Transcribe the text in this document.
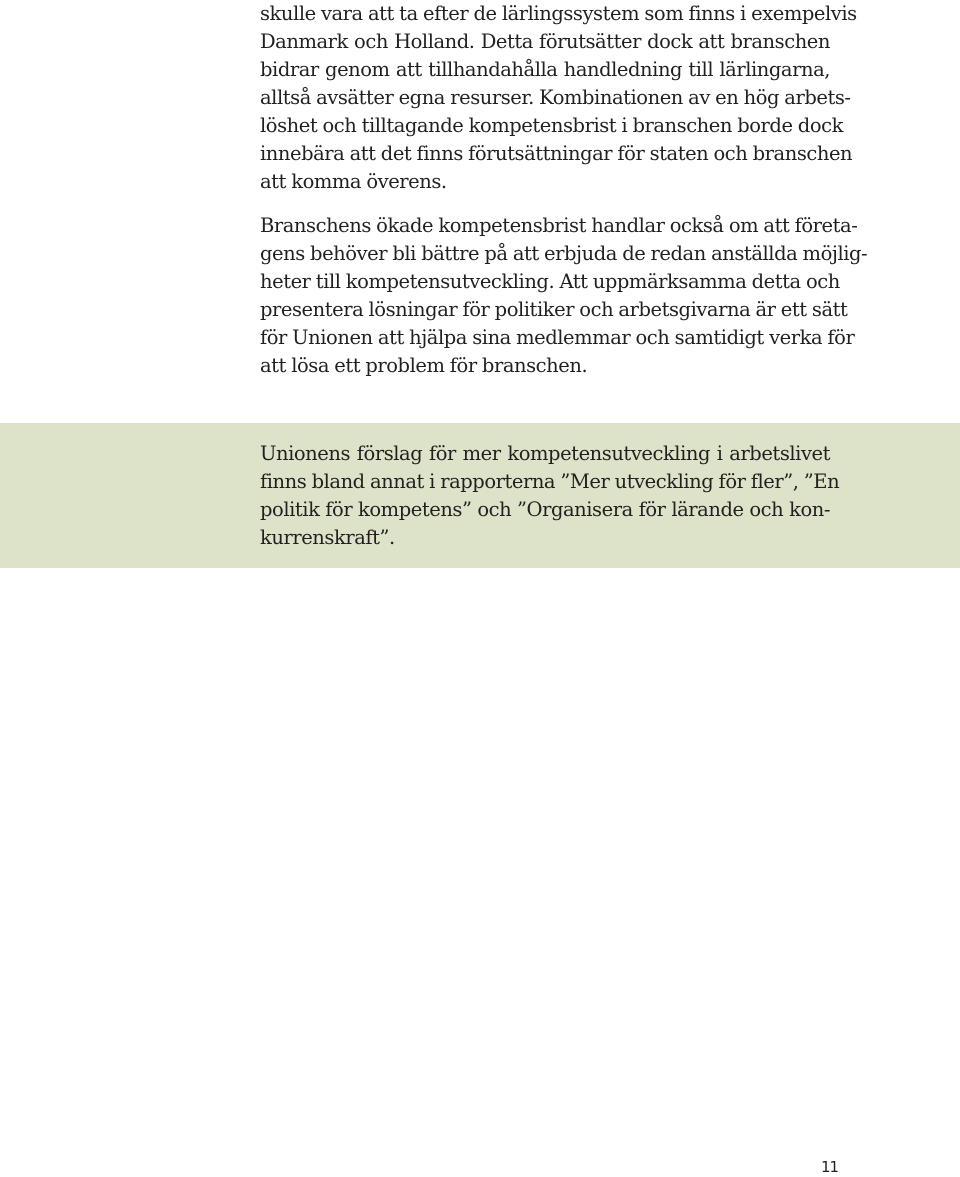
skulle vara att ta efter de lärlingssystem som finns i exempelvis
Danmark och Holland. Detta förutsätter dock att branschen
bidrar genom att tillhandahålla handledning till lärlingarna,
alltså avsätter egna resurser. Kombinationen av en hög arbets-
löshet och tilltagande kompetensbrist i branschen borde dock
innebära att det finns förutsättningar för staten och branschen
att komma överens.
Branschens ökade kompetensbrist handlar också om att företa-
gens behöver bli bättre på att erbjuda de redan anställda möjlig-
heter till kompetensutveckling. Att uppmärksamma detta och
presentera lösningar för politiker och arbetsgivarna är ett sätt
för Unionen att hjälpa sina medlemmar och samtidigt verka för
att lösa ett problem för branschen.
Unionens förslag för mer kompetensutveckling i arbetslivet
finns bland annat i rapporterna ”Mer utveckling för fler”, ”En
politik för kompetens” och ”Organisera för lärande och kon-
kurrenskraft”.
11
